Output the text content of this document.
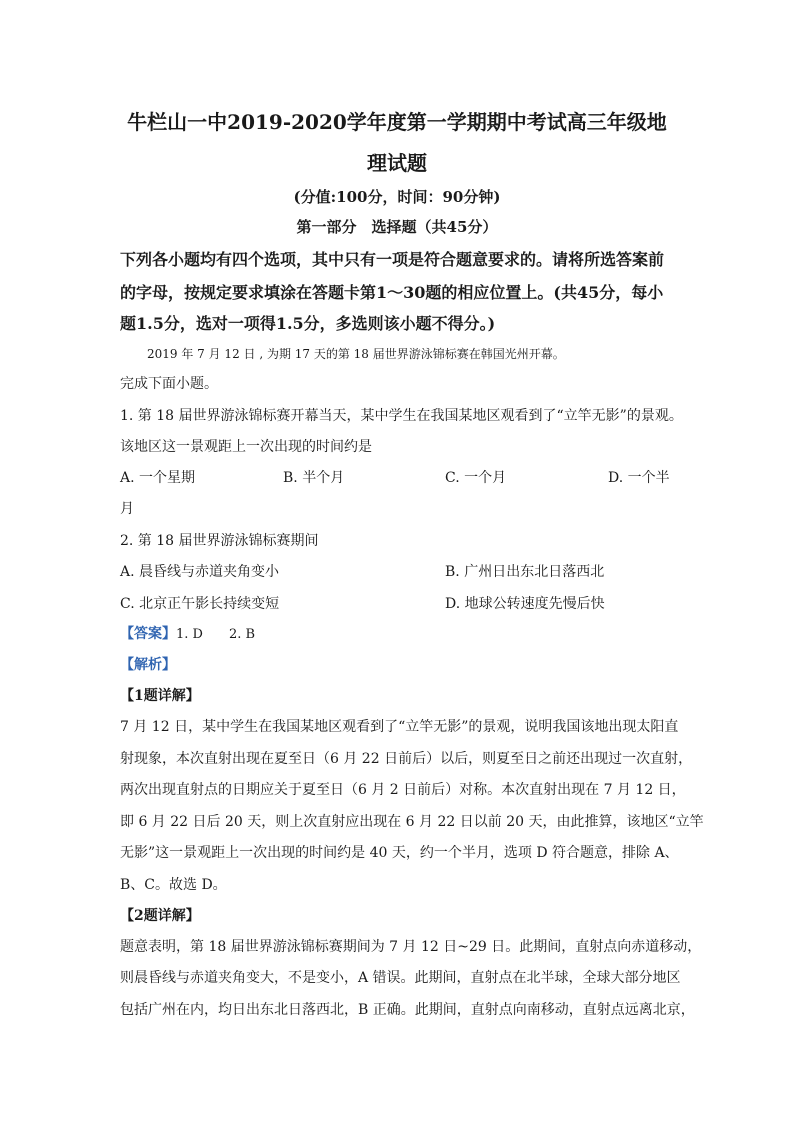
牛栏山一中2019-2020学年度第一学期期中考试高三年级地
理试题
(分值:100分，时间：90分钟)
第一部分　选择题（共45分）
下列各小题均有四个选项，其中只有一项是符合题意要求的。请将所选答案前
的字母，按规定要求填涂在答题卡第1～30题的相应位置上。(共45分，每小
题1.5分，选对一项得1.5分，多选则该小题不得分。)
2019 年 7 月 12 日 , 为期 17 天的第 18 届世界游泳锦标赛在韩国光州开幕。
完成下面小题。
1. 第 18 届世界游泳锦标赛开幕当天，某中学生在我国某地区观看到了“立竿无影”的景观。
该地区这一景观距上一次出现的时间约是
A. 一个星期	B. 半个月	C. 一个月	D. 一个半
月
2. 第 18 届世界游泳锦标赛期间
A. 晨昏线与赤道夹角变小	B. 广州日出东北日落西北
C. 北京正午影长持续变短	D. 地球公转速度先慢后快
【答案】1. D　　2. B
【解析】
【1题详解】
7 月 12 日，某中学生在我国某地区观看到了“立竿无影”的景观，说明我国该地出现太阳直
射现象，本次直射出现在夏至日（6 月 22 日前后）以后，则夏至日之前还出现过一次直射，
两次出现直射点的日期应关于夏至日（6 月 2 日前后）对称。本次直射出现在 7 月 12 日，
即 6 月 22 日后 20 天，则上次直射应出现在 6 月 22 日以前 20 天，由此推算，该地区“立竿
无影”这一景观距上一次出现的时间约是 40 天，约一个半月，选项 D 符合题意，排除 A、
B、C。故选 D。
【2题详解】
题意表明，第 18 届世界游泳锦标赛期间为 7 月 12 日~29 日。此期间，直射点向赤道移动，
则晨昏线与赤道夹角变大，不是变小，A 错误。此期间，直射点在北半球，全球大部分地区
包括广州在内，均日出东北日落西北，B 正确。此期间，直射点向南移动，直射点远离北京，
